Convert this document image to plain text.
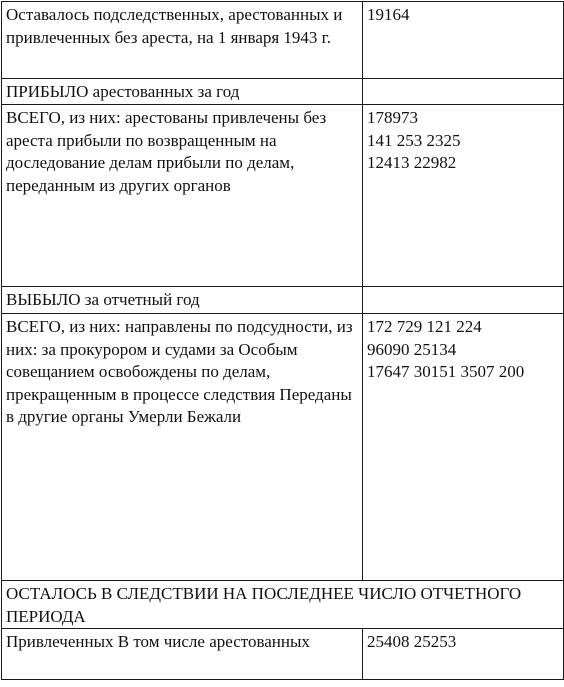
Оставалось подследственных, арестованных и привлеченных без ареста, на 1 января 1943 г.	19164

ПРИБЫЛО арестованных за год	

ВСЕГО, из них: арестованы привлечены без ареста прибыли по возвращенным на доследование делам прибыли по делам, переданным из других органов	178973
141 253 2325
12413 22982

ВЫБЫЛО за отчетный год	

ВСЕГО, из них: направлены по подсудности, из них: за прокурором и судами за Особым совещанием освобождены по делам, прекращенным в процессе следствия Переданы в другие органы Умерли Бежали	172 729 121 224
96090 25134
17647 30151 3507 200

ОСТАЛОСЬ В СЛЕДСТВИИ НА ПОСЛЕДНЕЕ ЧИСЛО ОТЧЕТНОГО ПЕРИОДА	

Привлеченных В том числе арестованных	25408 25253
